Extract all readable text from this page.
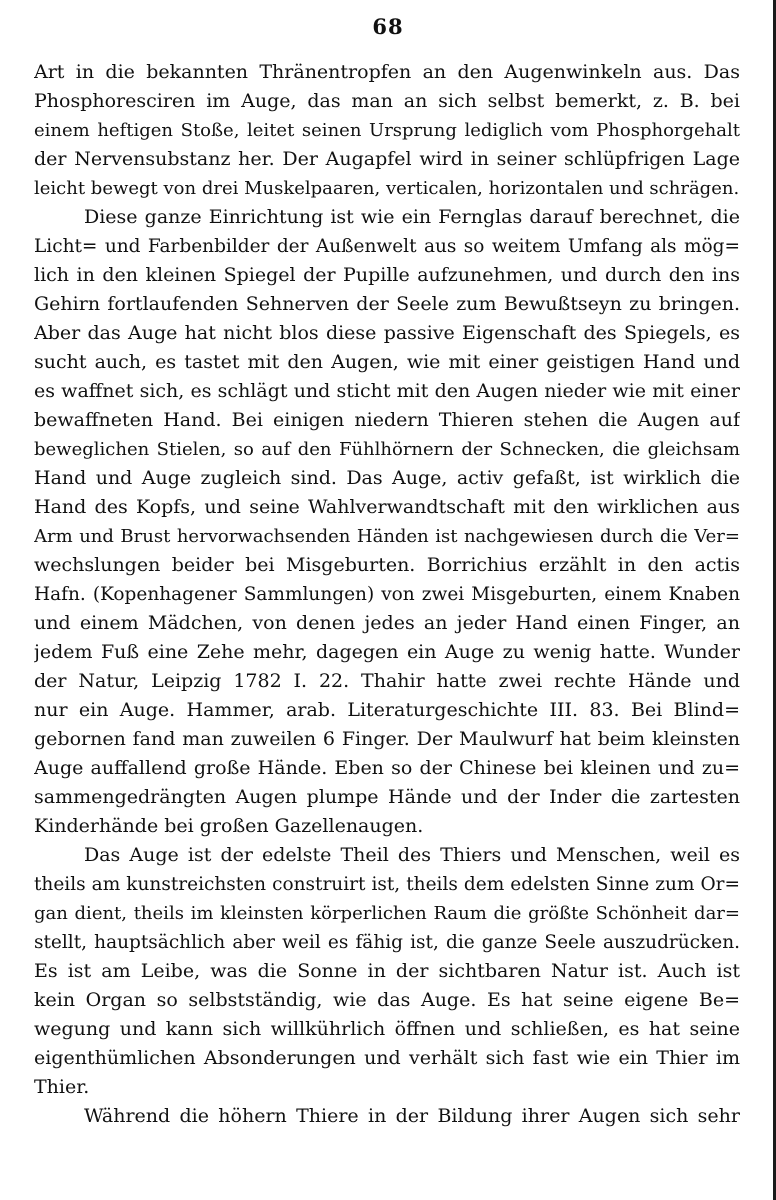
68
Art in die bekannten Thränentropfen an den Augenwinkeln aus. Das
Phosphoresciren im Auge, das man an sich selbst bemerkt, z. B. bei
einem heftigen Stoße, leitet seinen Ursprung lediglich vom Phosphorgehalt
der Nervensubstanz her. Der Augapfel wird in seiner schlüpfrigen Lage
leicht bewegt von drei Muskelpaaren, verticalen, horizontalen und schrägen.
Diese ganze Einrichtung ist wie ein Fernglas darauf berechnet, die
Licht= und Farbenbilder der Außenwelt aus so weitem Umfang als mög=
lich in den kleinen Spiegel der Pupille aufzunehmen, und durch den ins
Gehirn fortlaufenden Sehnerven der Seele zum Bewußtseyn zu bringen.
Aber das Auge hat nicht blos diese passive Eigenschaft des Spiegels, es
sucht auch, es tastet mit den Augen, wie mit einer geistigen Hand und
es waffnet sich, es schlägt und sticht mit den Augen nieder wie mit einer
bewaffneten Hand. Bei einigen niedern Thieren stehen die Augen auf
beweglichen Stielen, so auf den Fühlhörnern der Schnecken, die gleichsam
Hand und Auge zugleich sind. Das Auge, activ gefaßt, ist wirklich die
Hand des Kopfs, und seine Wahlverwandtschaft mit den wirklichen aus
Arm und Brust hervorwachsenden Händen ist nachgewiesen durch die Ver=
wechslungen beider bei Misgeburten. Borrichius erzählt in den actis
Hafn. (Kopenhagener Sammlungen) von zwei Misgeburten, einem Knaben
und einem Mädchen, von denen jedes an jeder Hand einen Finger, an
jedem Fuß eine Zehe mehr, dagegen ein Auge zu wenig hatte. Wunder
der Natur, Leipzig 1782 I. 22. Thahir hatte zwei rechte Hände und
nur ein Auge. Hammer, arab. Literaturgeschichte III. 83. Bei Blind=
gebornen fand man zuweilen 6 Finger. Der Maulwurf hat beim kleinsten
Auge auffallend große Hände. Eben so der Chinese bei kleinen und zu=
sammengedrängten Augen plumpe Hände und der Inder die zartesten
Kinderhände bei großen Gazellenaugen.
Das Auge ist der edelste Theil des Thiers und Menschen, weil es
theils am kunstreichsten construirt ist, theils dem edelsten Sinne zum Or=
gan dient, theils im kleinsten körperlichen Raum die größte Schönheit dar=
stellt, hauptsächlich aber weil es fähig ist, die ganze Seele auszudrücken.
Es ist am Leibe, was die Sonne in der sichtbaren Natur ist. Auch ist
kein Organ so selbstständig, wie das Auge. Es hat seine eigene Be=
wegung und kann sich willkührlich öffnen und schließen, es hat seine
eigenthümlichen Absonderungen und verhält sich fast wie ein Thier im
Thier.
Während die höhern Thiere in der Bildung ihrer Augen sich sehr
